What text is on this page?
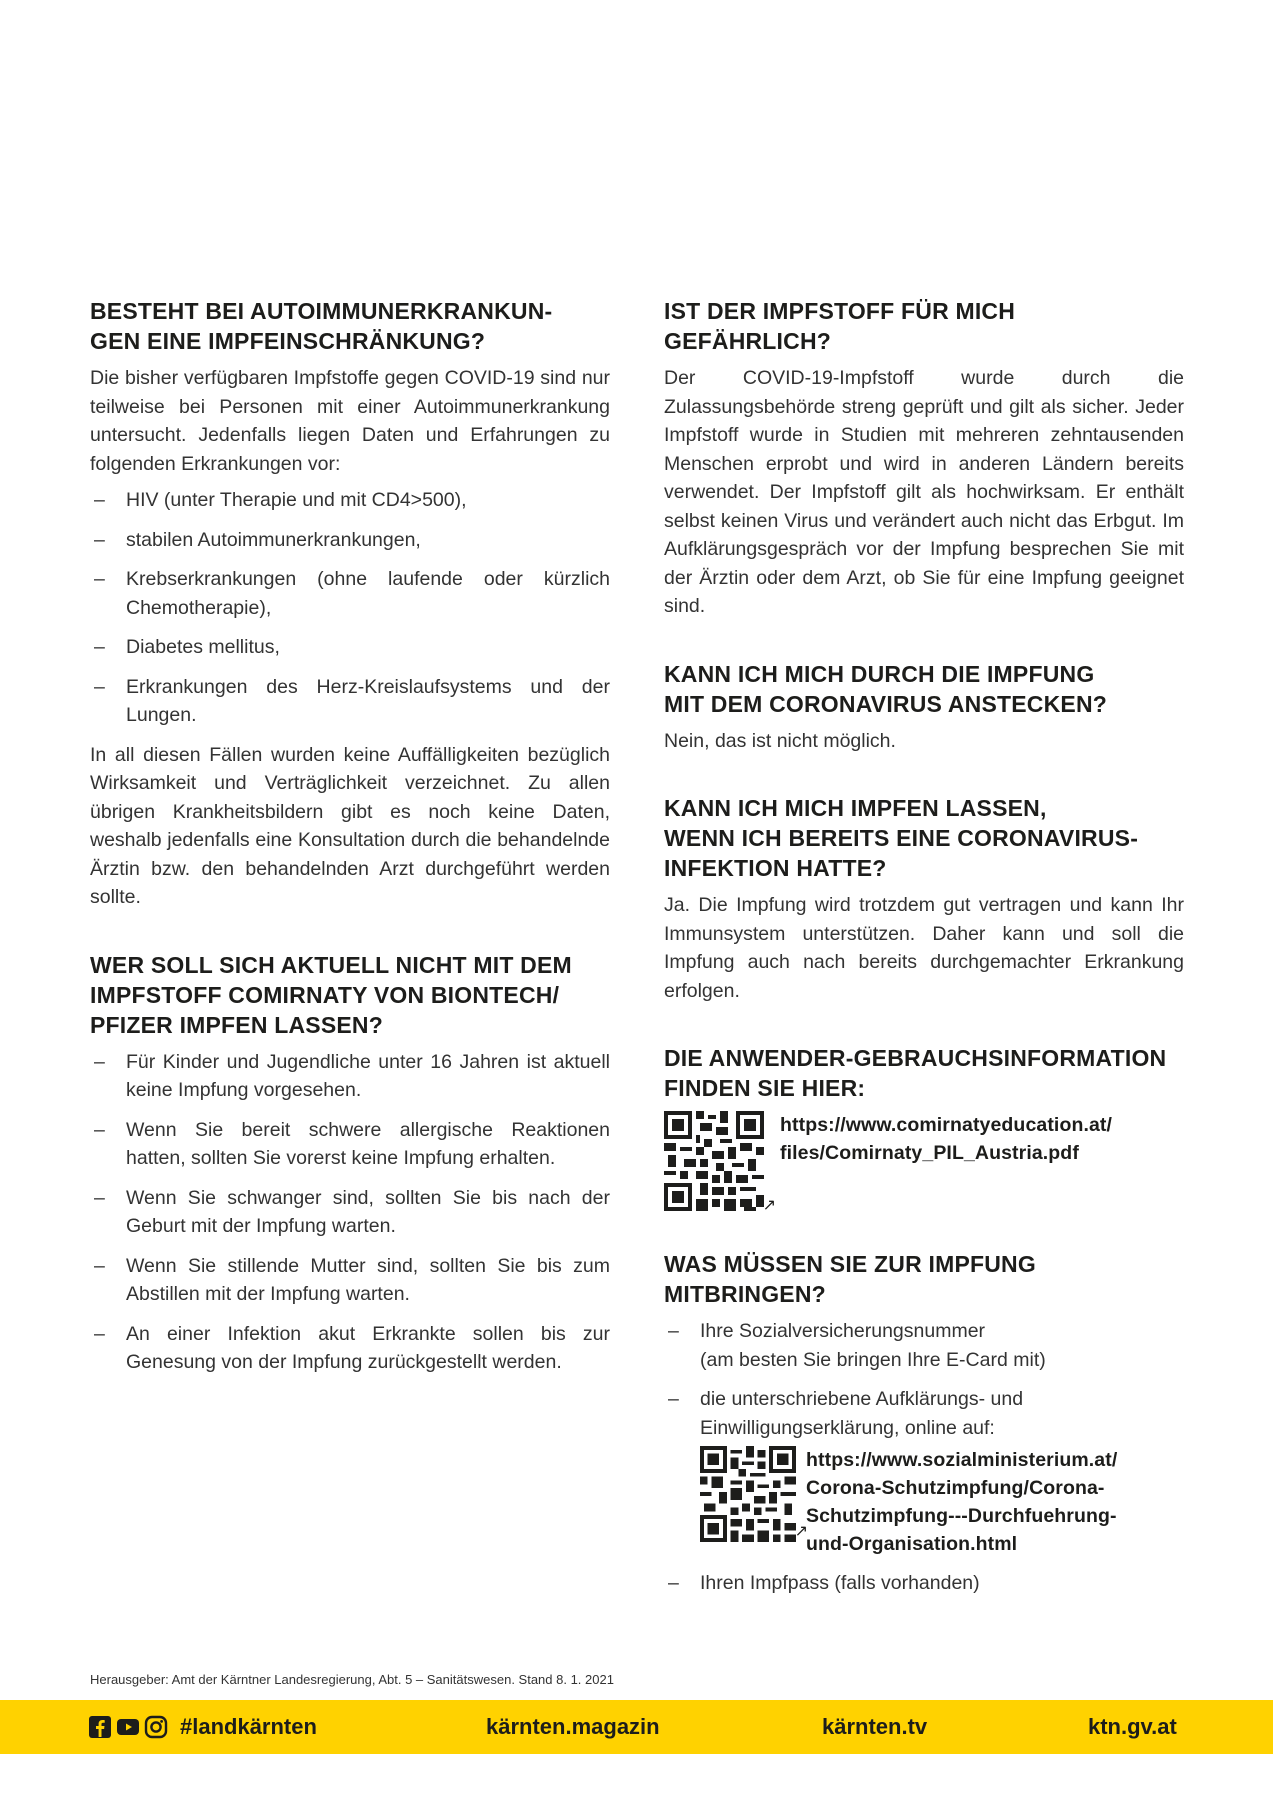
BESTEHT BEI AUTOIMMUNERKRANKUN-
GEN EINE IMPFEINSCHRÄNKUNG?

Die bisher verfügbaren Impfstoffe gegen COVID-19 sind nur teilweise bei Personen mit einer Autoimmunerkrankung untersucht. Jedenfalls liegen Daten und Erfahrungen zu folgenden Erkrankungen vor:

– HIV (unter Therapie und mit CD4>500),
– stabilen Autoimmunerkrankungen,
– Krebserkrankungen (ohne laufende oder kürzlich Chemotherapie),
– Diabetes mellitus,
– Erkrankungen des Herz-Kreislaufsystems und der Lungen.

In all diesen Fällen wurden keine Auffälligkeiten bezüglich Wirksamkeit und Verträglichkeit verzeichnet. Zu allen übrigen Krankheitsbildern gibt es noch keine Daten, weshalb jedenfalls eine Konsultation durch die behandelnde Ärztin bzw. den behandelnden Arzt durchgeführt werden sollte.

WER SOLL SICH AKTUELL NICHT MIT DEM
IMPFSTOFF COMIRNATY VON BIONTECH/
PFIZER IMPFEN LASSEN?
– Für Kinder und Jugendliche unter 16 Jahren ist aktuell keine Impfung vorgesehen.
– Wenn Sie bereit schwere allergische Reaktionen hatten, sollten Sie vorerst keine Impfung erhalten.
– Wenn Sie schwanger sind, sollten Sie bis nach der Geburt mit der Impfung warten.
– Wenn Sie stillende Mutter sind, sollten Sie bis zum Abstillen mit der Impfung warten.
– An einer Infektion akut Erkrankte sollen bis zur Genesung von der Impfung zurückgestellt werden.
IST DER IMPFSTOFF FÜR MICH
GEFÄHRLICH?

Der COVID-19-Impfstoff wurde durch die Zulassungsbehörde streng geprüft und gilt als sicher. Jeder Impfstoff wurde in Studien mit mehreren zehntausenden Menschen erprobt und wird in anderen Ländern bereits verwendet. Der Impfstoff gilt als hochwirksam. Er enthält selbst keinen Virus und verändert auch nicht das Erbgut. Im Aufklärungsgespräch vor der Impfung besprechen Sie mit der Ärztin oder dem Arzt, ob Sie für eine Impfung geeignet sind.

KANN ICH MICH DURCH DIE IMPFUNG
MIT DEM CORONAVIRUS ANSTECKEN?

Nein, das ist nicht möglich.

KANN ICH MICH IMPFEN LASSEN,
WENN ICH BEREITS EINE CORONAVIRUS-
INFEKTION HATTE?

Ja. Die Impfung wird trotzdem gut vertragen und kann Ihr Immunsystem unterstützen. Daher kann und soll die Impfung auch nach bereits durchgemachter Erkrankung erfolgen.

DIE ANWENDER-GEBRAUCHSINFORMATION
FINDEN SIE HIER:
↗
https://www.comirnatyeducation.at/
files/Comirnaty_PIL_Austria.pdf
WAS MÜSSEN SIE ZUR IMPFUNG
MITBRINGEN?
– Ihre Sozialversicherungsnummer
(am besten Sie bringen Ihre E-Card mit)
– die unterschriebene Aufklärungs- und Einwilligungserklärung, online auf:
↗
https://www.sozialministerium.at/
Corona-Schutzimpfung/Corona-
Schutzimpfung---Durchfuehrung-
und-Organisation.html
– Ihren Impfpass (falls vorhanden)
Herausgeber: Amt der Kärntner Landesregierung, Abt. 5 – Sanitätswesen. Stand 8. 1. 2021
#landkärnten	kärnten.magazin	kärnten.tv	ktn.gv.at
